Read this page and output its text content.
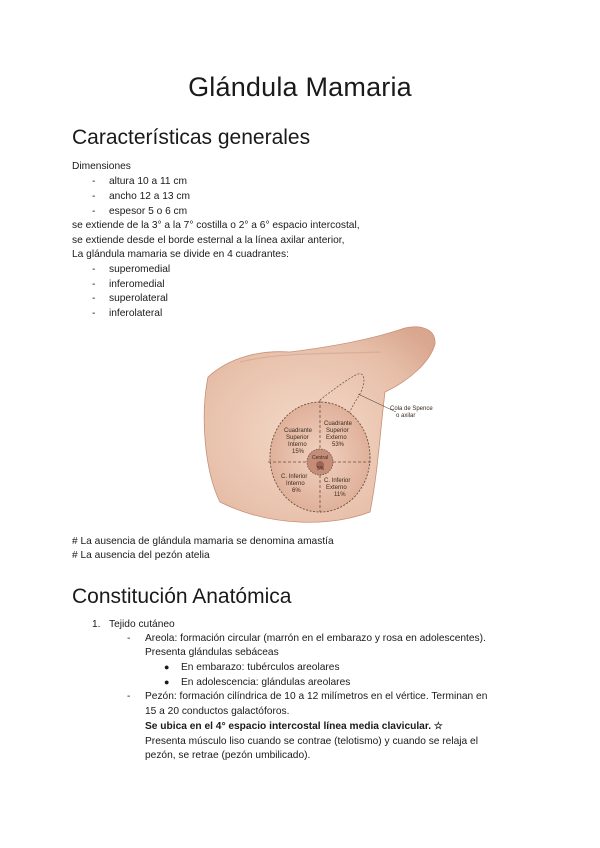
Glándula Mamaria
Características generales
Dimensiones
- altura 10 a 11 cm
- ancho 12 a 13 cm
- espesor 5 o 6 cm
se extiende de la 3° a la 7° costilla o 2° a 6° espacio intercostal,
se extiende desde el borde esternal a la línea axilar anterior,
La glándula mamaria se divide en 4 cuadrantes:
- superomedial
- inferomedial
- superolateral
- inferolateral
Cola de Spence
o axilar
Cuadrante
Superior
Interno
15%
Cuadrante
Superior
Externo
53%
C. Inferior
Interno
6%
C. Inferior
Externo
11%
Central
5%
# La ausencia de glándula mamaria se denomina amastía
# La ausencia del pezón atelia
Constitución Anatómica
1. Tejido cutáneo
- Areola: formación circular (marrón en el embarazo y rosa en adolescentes).
Presenta glándulas sebáceas
● En embarazo: tubérculos areolares
● En adolescencia: glándulas areolares
- Pezón: formación cilíndrica de 10 a 12 milímetros en el vértice. Terminan en
15 a 20 conductos galactóforos.
Se ubica en el 4° espacio intercostal línea media clavicular. ☆
Presenta músculo liso cuando se contrae (telotismo) y cuando se relaja el
pezón, se retrae (pezón umbilicado).
